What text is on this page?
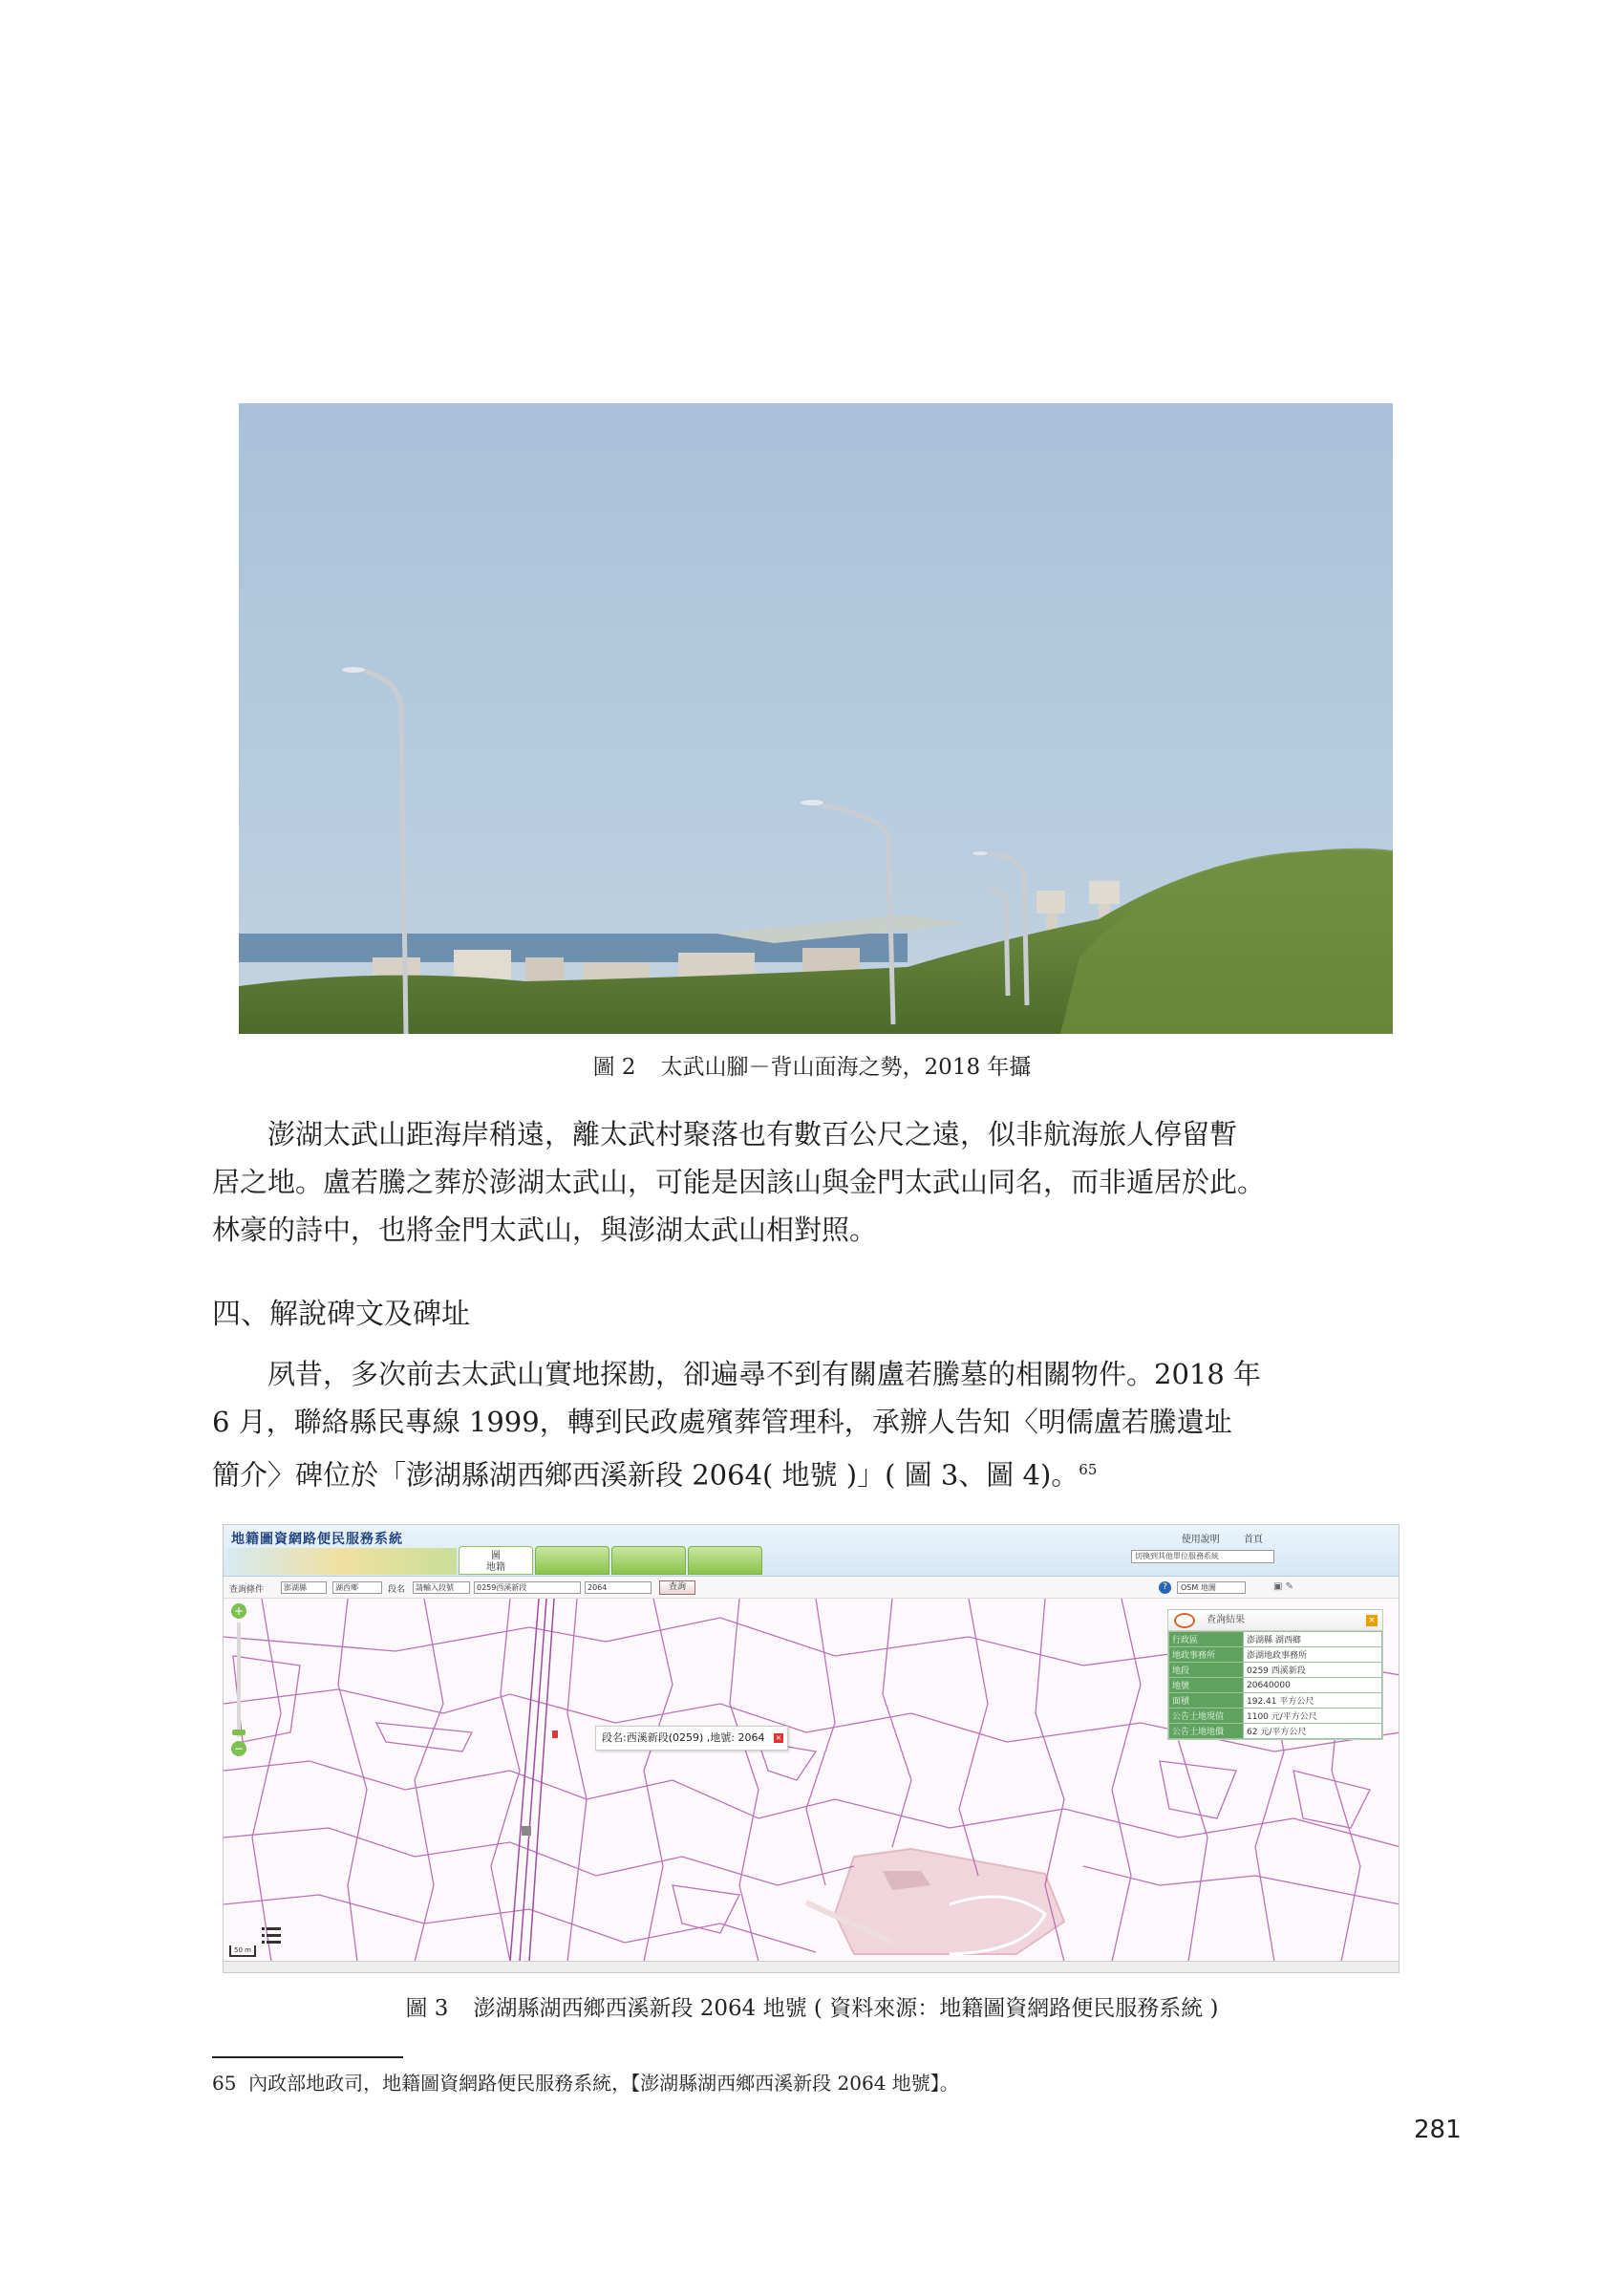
圖 2 太武山腳－背山面海之勢，2018 年攝
澎湖太武山距海岸稍遠，離太武村聚落也有數百公尺之遠，似非航海旅人停留暫
居之地。盧若騰之葬於澎湖太武山，可能是因該山與金門太武山同名，而非遁居於此。
林豪的詩中，也將金門太武山，與澎湖太武山相對照。
四、解說碑文及碑址
夙昔，多次前去太武山實地探勘，卻遍尋不到有關盧若騰墓的相關物件。2018 年
6 月，聯絡縣民專線 1999，轉到民政處殯葬管理科，承辦人告知〈明儒盧若騰遺址
簡介〉碑位於「澎湖縣湖西鄉西溪新段 2064( 地號 )」( 圖 3、圖 4)。$^{65}$
地籍圖資網路便民服務系統
圖
地籍
使用說明	首頁
切換到其他單位服務系統
查詢條件	澎湖縣	湖西鄉	段名	請輸入段號	0259西溪新段	2064	查詢	?	OSM 地圖	▣ ✎
+
−
段名:西溪新段(0259) ,地號: 2064 ×
查詢結果	×
行政區	澎湖縣 湖西鄉
地政事務所	澎湖地政事務所
地段	0259 西溪新段
地號	20640000
面積	192.41 平方公尺
公告土地現值	1100 元/平方公尺
公告土地地價	62 元/平方公尺
50 m
圖 3 澎湖縣湖西鄉西溪新段 2064 地號 ( 資料來源：地籍圖資網路便民服務系統 )
65 內政部地政司，地籍圖資網路便民服務系統，【澎湖縣湖西鄉西溪新段 2064 地號】。
281
